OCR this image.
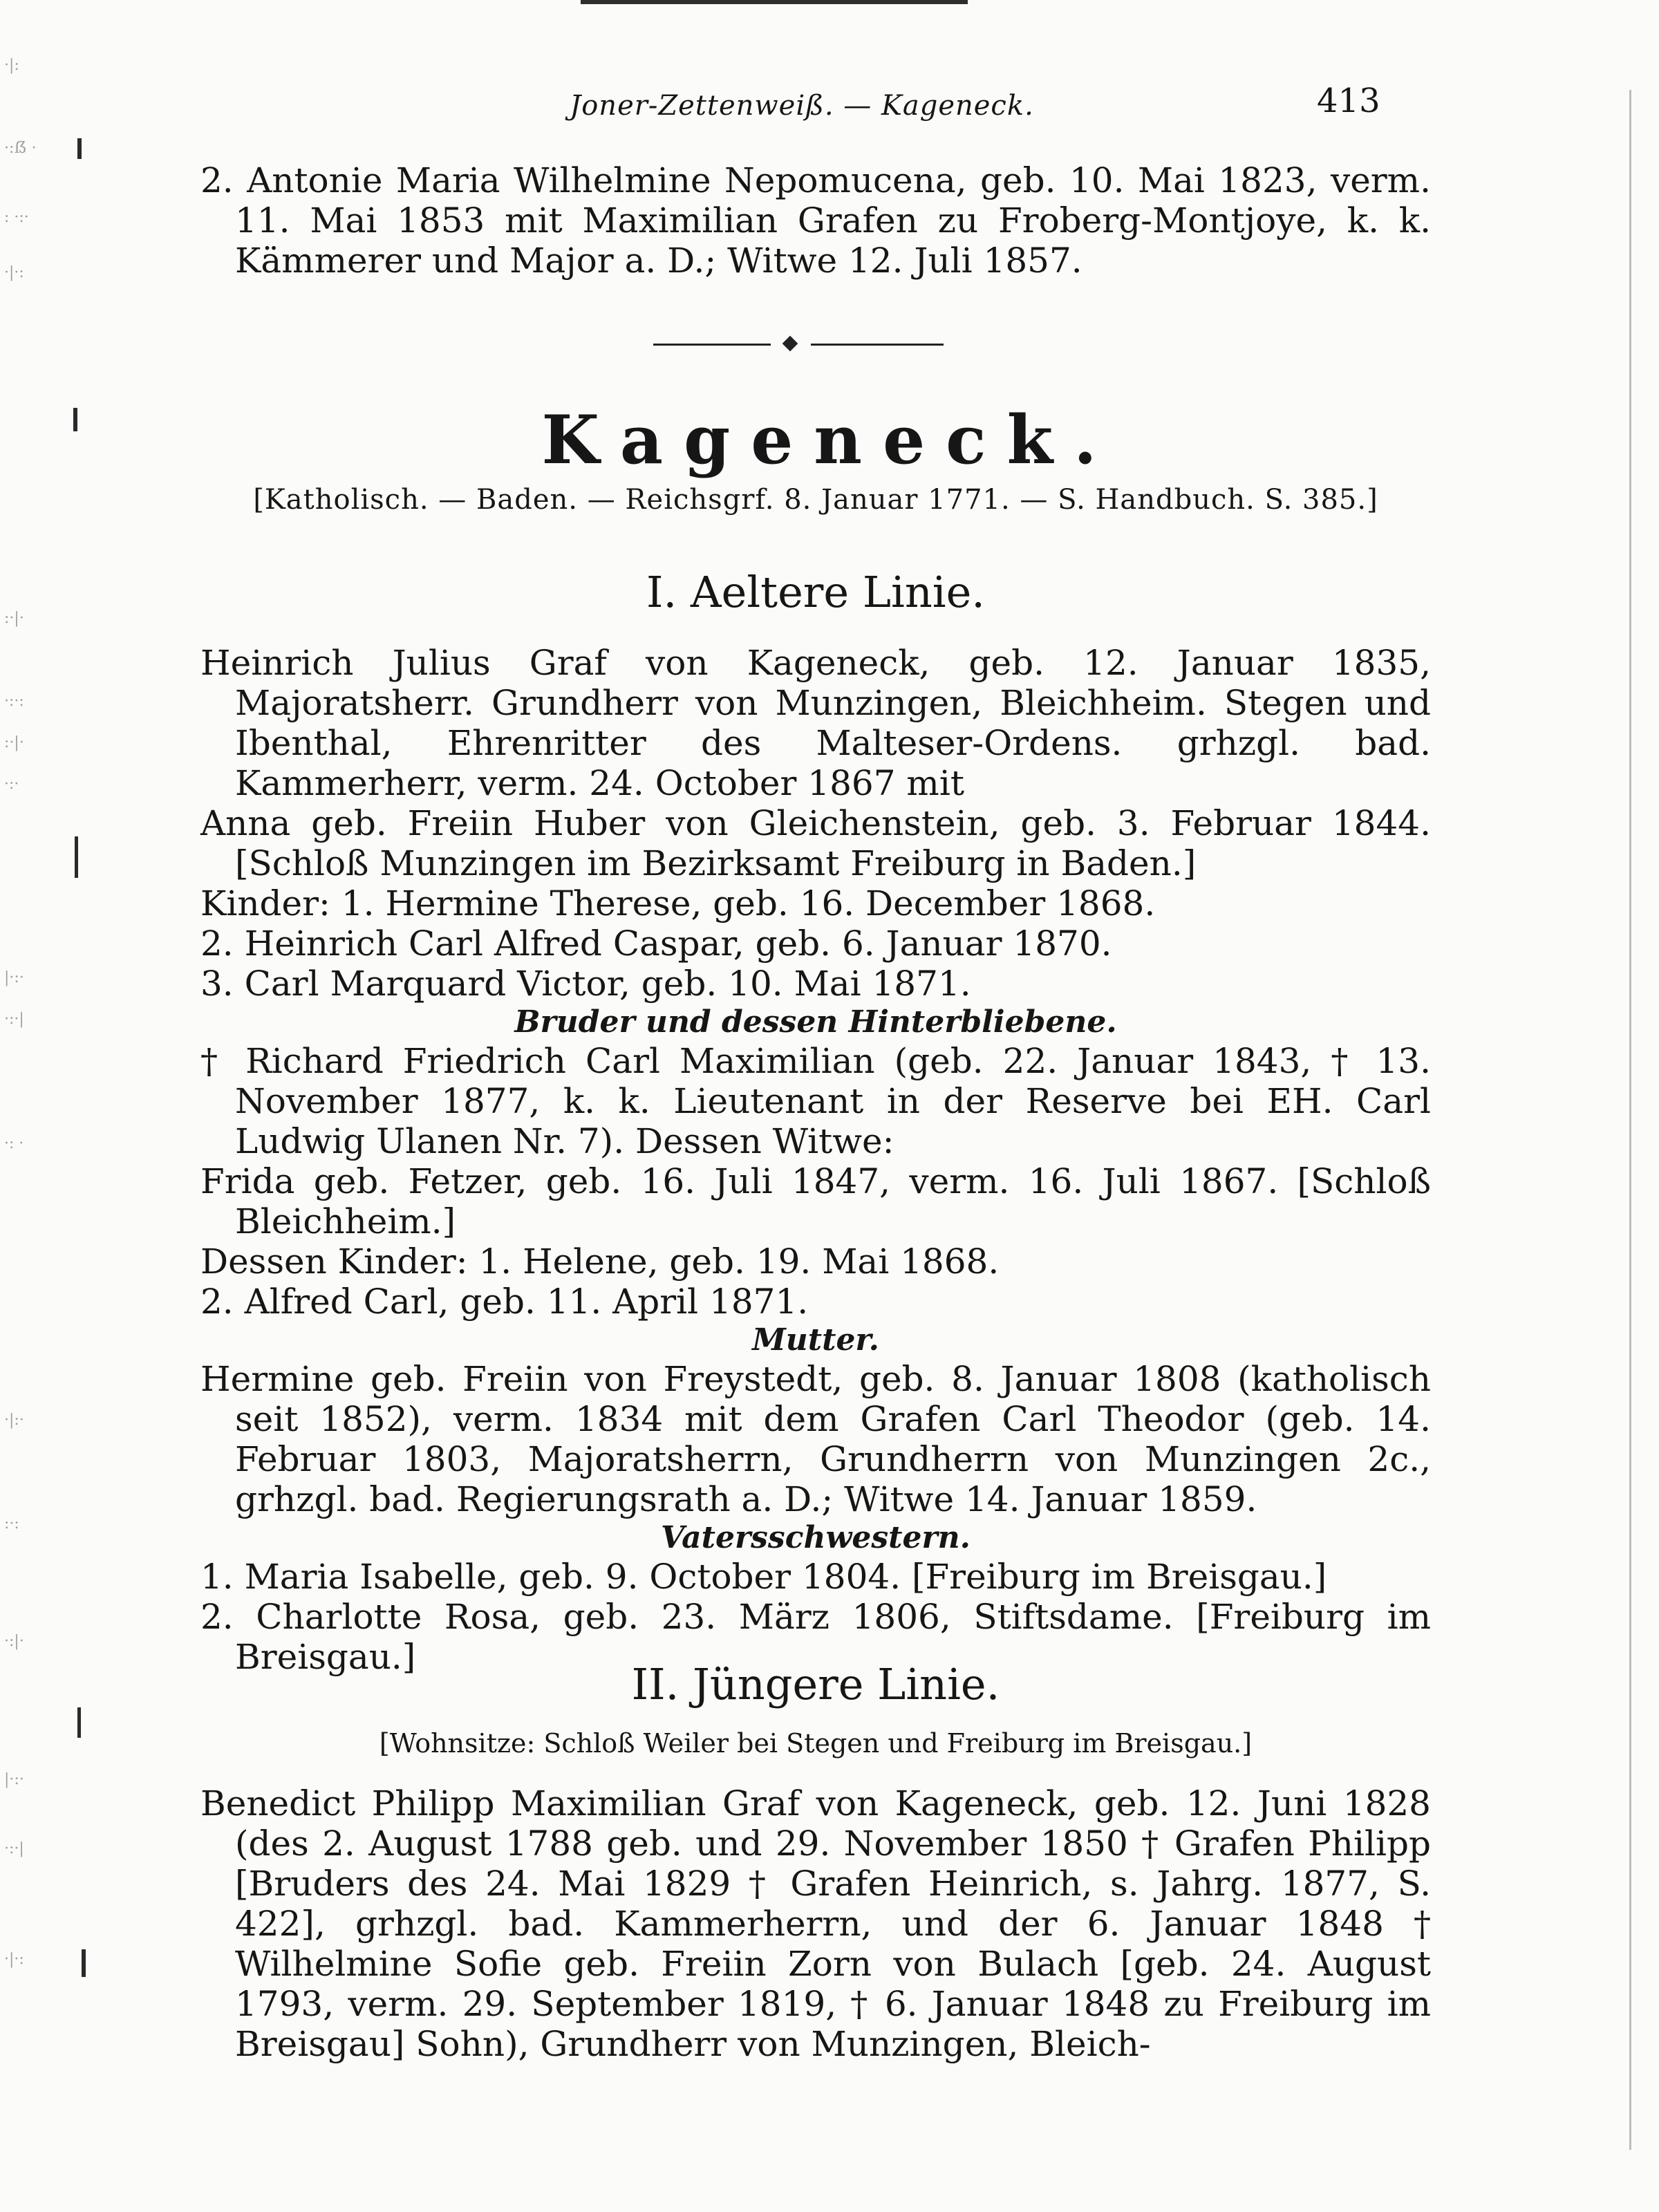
·|:
·:ẞ ·
: ·:·
·|·:
:·|·
·:·:
:·|·
·:·
|·:·
·:·|
·: ·
·|:·
:·:
·:|·
|·:·
·:·|
·|·:
Joner-Zettenweiß. — Kageneck.	413

2. Antonie Maria Wilhelmine Nepomucena, geb. 10. Mai 1823, verm. 11. Mai 1853 mit Maximilian Grafen zu Froberg-Montjoye, k. k. Kämmerer und Major a. D.; Witwe 12. Juli 1857.

Kageneck.
[Katholisch. — Baden. — Reichsgrf. 8. Januar 1771. — S. Handbuch. S. 385.]
I. Aeltere Linie.

Heinrich Julius Graf von Kageneck, geb. 12. Januar 1835, Majoratsherr. Grundherr von Munzingen, Bleichheim. Stegen und Ibenthal, Ehrenritter des Malteser-Ordens. grhzgl. bad. Kammerherr, verm. 24. October 1867 mit

Anna geb. Freiin Huber von Gleichenstein, geb. 3. Februar 1844. [Schloß Munzingen im Bezirksamt Freiburg in Baden.]

Kinder: 1. Hermine Therese, geb. 16. December 1868.

2. Heinrich Carl Alfred Caspar, geb. 6. Januar 1870.

3. Carl Marquard Victor, geb. 10. Mai 1871.

Bruder und dessen Hinterbliebene.

† Richard Friedrich Carl Maximilian (geb. 22. Januar 1843, † 13. November 1877, k. k. Lieutenant in der Reserve bei EH. Carl Ludwig Ulanen Nr. 7). Dessen Witwe:

Frida geb. Fetzer, geb. 16. Juli 1847, verm. 16. Juli 1867. [Schloß Bleichheim.]

Dessen Kinder: 1. Helene, geb. 19. Mai 1868.

2. Alfred Carl, geb. 11. April 1871.

Mutter.

Hermine geb. Freiin von Freystedt, geb. 8. Januar 1808 (katholisch seit 1852), verm. 1834 mit dem Grafen Carl Theodor (geb. 14. Februar 1803, Majoratsherrn, Grundherrn von Munzingen 2c., grhzgl. bad. Regierungsrath a. D.; Witwe 14. Januar 1859.

Vatersschwestern.

1. Maria Isabelle, geb. 9. October 1804. [Freiburg im Breisgau.]

2. Charlotte Rosa, geb. 23. März 1806, Stiftsdame. [Freiburg im Breisgau.]

II. Jüngere Linie.
[Wohnsitze: Schloß Weiler bei Stegen und Freiburg im Breisgau.]

Benedict Philipp Maximilian Graf von Kageneck, geb. 12. Juni 1828 (des 2. August 1788 geb. und 29. November 1850 † Grafen Philipp [Bruders des 24. Mai 1829 † Grafen Heinrich, s. Jahrg. 1877, S. 422], grhzgl. bad. Kammerherrn, und der 6. Januar 1848 † Wilhelmine Sofie geb. Freiin Zorn von Bulach [geb. 24. August 1793, verm. 29. September 1819, † 6. Januar 1848 zu Freiburg im Breisgau] Sohn), Grundherr von Munzingen, Bleich-
